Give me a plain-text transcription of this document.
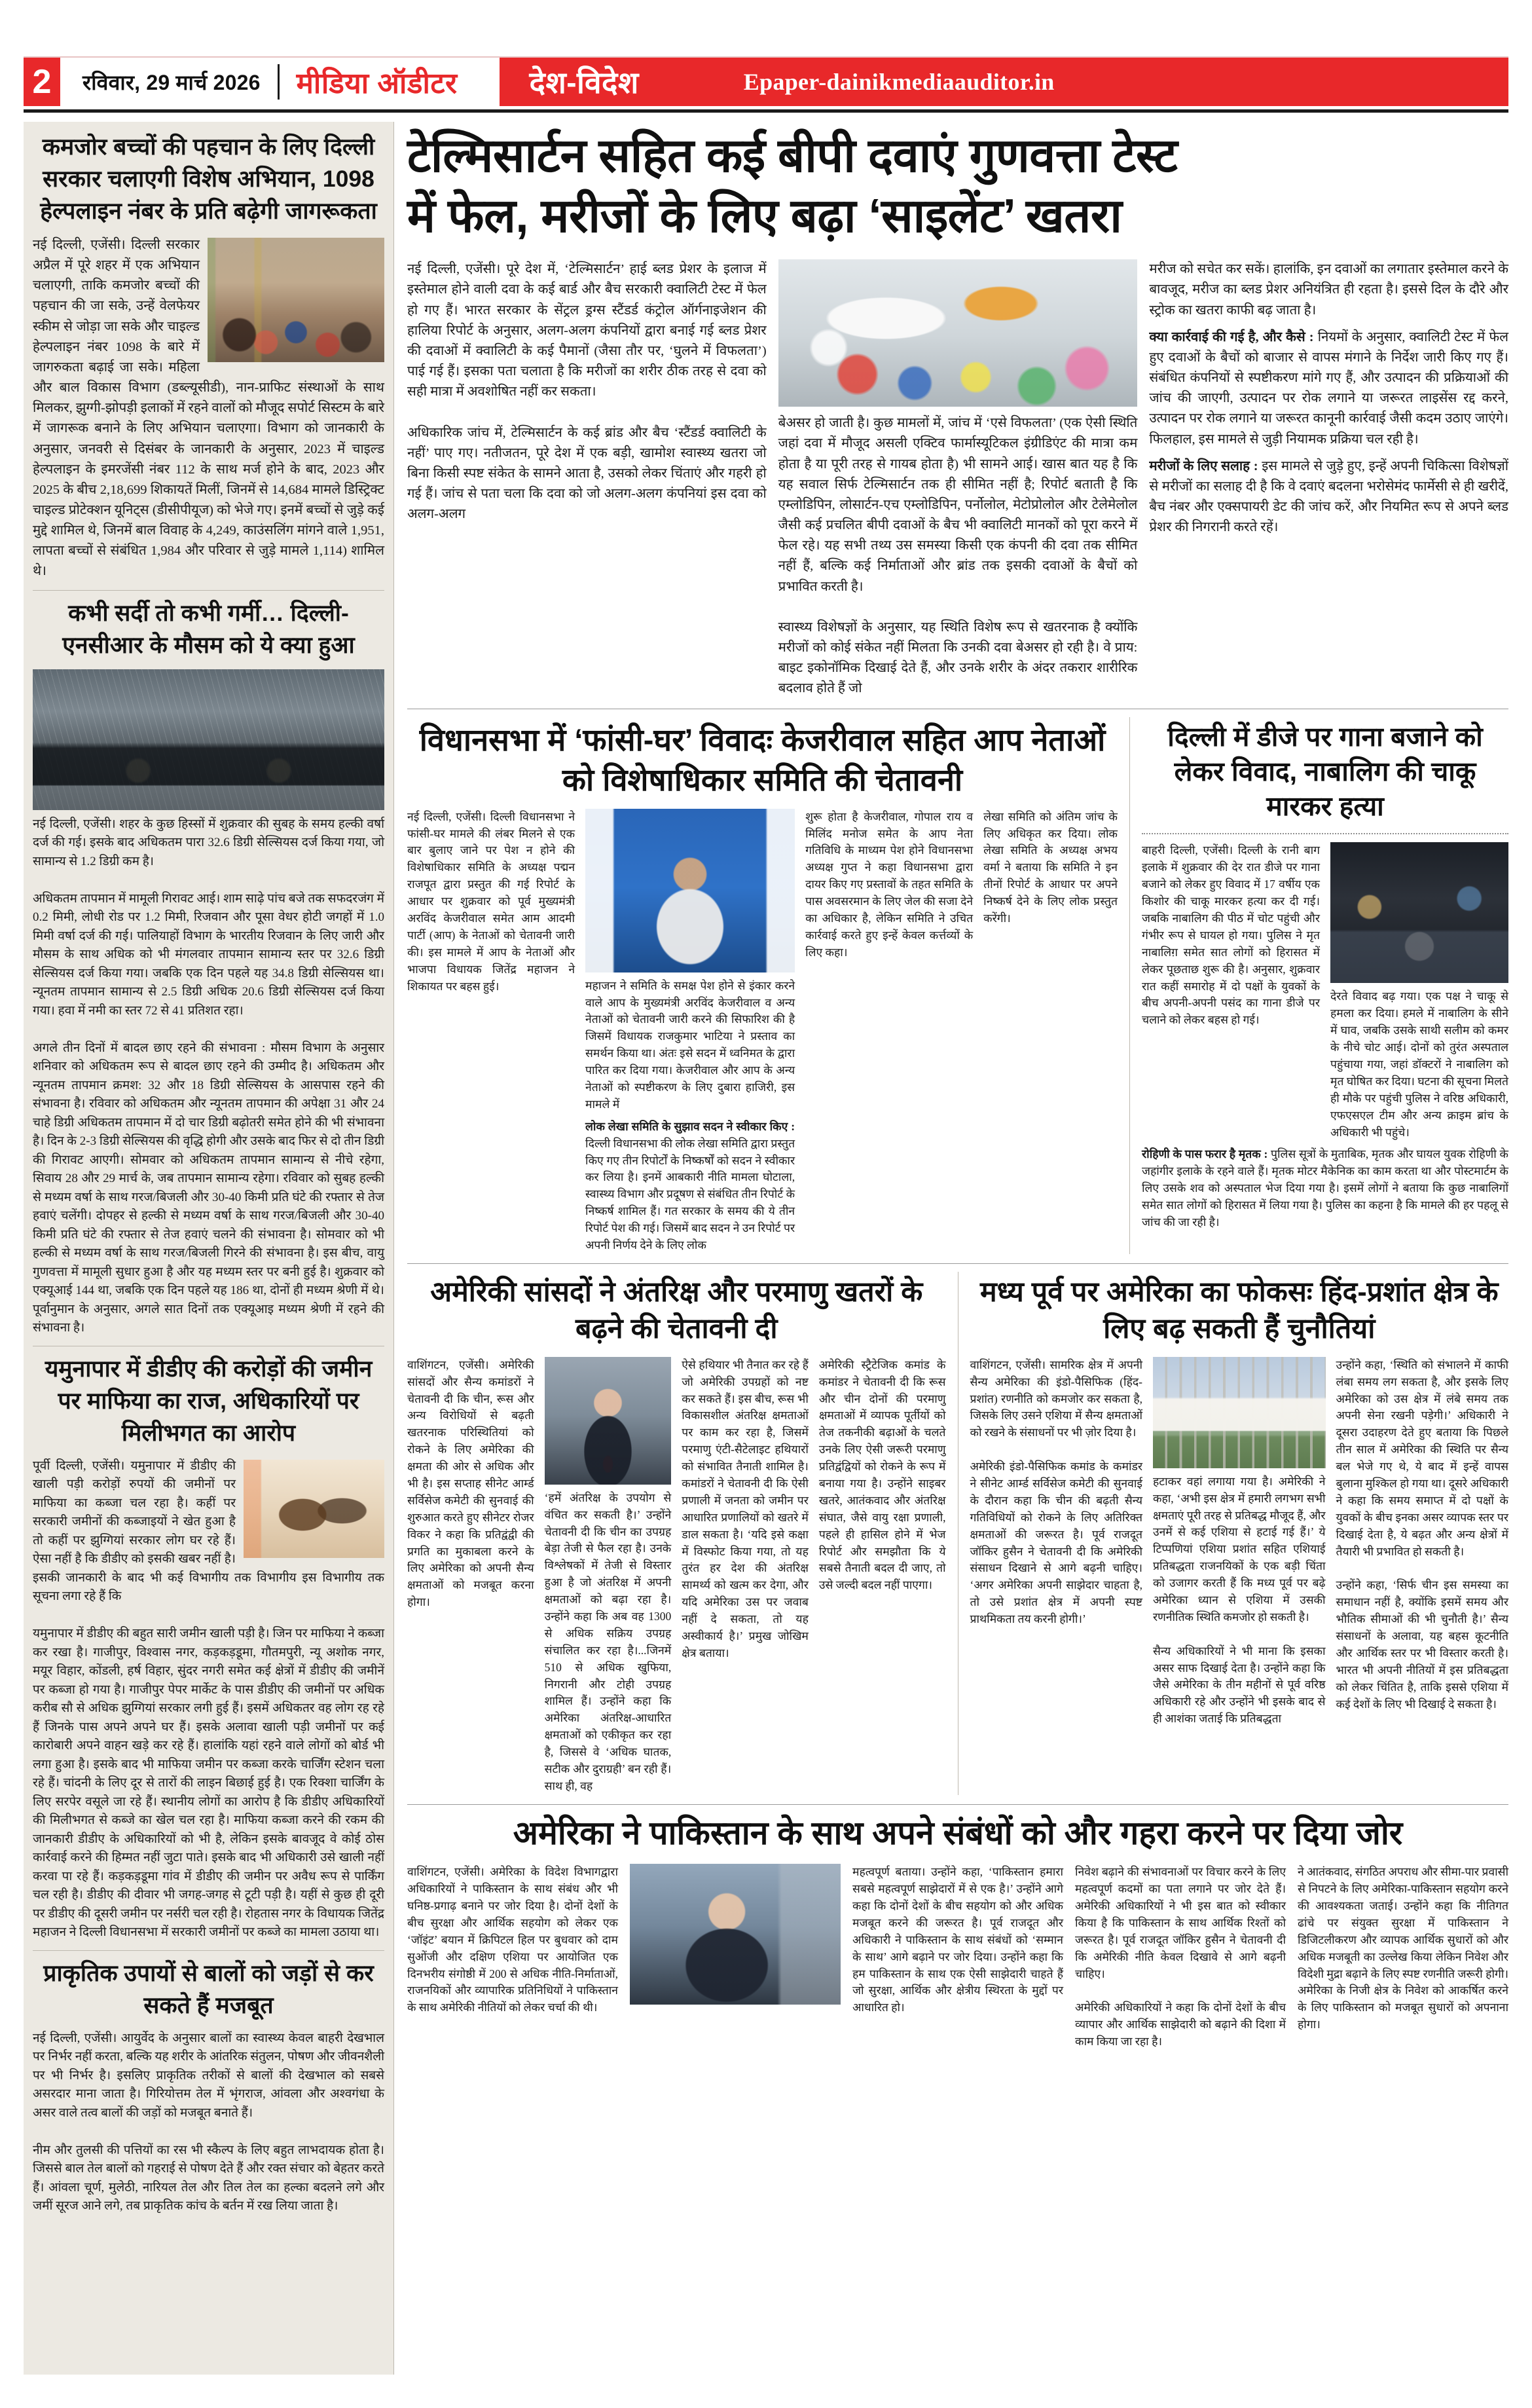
2	रविवार, 29 मार्च 2026 मीडिया ऑडीटर	देश-विदेश	Epaper-dainikmediaauditor.in
कमजोर बच्चों की पहचान के लिए दिल्ली सरकार चलाएगी विशेष अभियान, 1098 हेल्पलाइन नंबर के प्रति बढ़ेगी जागरूकता
नई दिल्ली, एजेंसी। दिल्ली सरकार अप्रैल में पूरे शहर में एक अभियान चलाएगी, ताकि कमजोर बच्चों की पहचान की जा सके, उन्हें वेलफेयर स्कीम से जोड़ा जा सके और चाइल्ड हेल्पलाइन नंबर 1098 के बारे में जागरुकता बढ़ाई जा सके। महिला और बाल विकास विभाग (डब्ल्यूसीडी), नान-प्राफिट संस्थाओं के साथ मिलकर, झुग्गी-झोपड़ी इलाकों में रहने वालों को मौजूद सपोर्ट सिस्टम के बारे में जागरूक बनाने के लिए अभियान चलाएगा। विभाग को जानकारी के अनुसार, जनवरी से दिसंबर के जानकारी के अनुसार, 2023 में चाइल्ड हेल्पलाइन के इमरजेंसी नंबर 112 के साथ मर्ज होने के बाद, 2023 और 2025 के बीच 2,18,699 शिकायतें मिलीं, जिनमें से 14,684 मामले डिस्ट्रिक्ट चाइल्ड प्रोटेक्शन यूनिट्स (डीसीपीयूज) को भेजे गए। इनमें बच्चों से जुड़े कई मुद्दे शामिल थे, जिनमें बाल विवाह के 4,249, काउंसलिंग मांगने वाले 1,951, लापता बच्चों से संबंधित 1,984 और परिवार से जुड़े मामले 1,114) शामिल थे।
कभी सर्दी तो कभी गर्मी… दिल्ली-एनसीआर के मौसम को ये क्या हुआ
नई दिल्ली, एजेंसी। शहर के कुछ हिस्सों में शुक्रवार की सुबह के समय हल्की वर्षा दर्ज की गई। इसके बाद अधिकतम पारा 32.6 डिग्री सेल्सियस दर्ज किया गया, जो सामान्य से 1.2 डिग्री कम है।

अधिकतम तापमान में मामूली गिरावट आई। शाम साढ़े पांच बजे तक सफदरजंग में 0.2 मिमी, लोधी रोड पर 1.2 मिमी, रिजवान और पूसा वेधर होटी जगहों में 1.0 मिमी वर्षा दर्ज की गई। पालियाहों विभाग के भारतीय रिजवान के लिए जारी और मौसम के साथ अधिक को भी मंगलवार तापमान सामान्य स्तर पर 32.6 डिग्री सेल्सियस दर्ज किया गया। जबकि एक दिन पहले यह 34.8 डिग्री सेल्सियस था। न्यूनतम तापमान सामान्य से 2.5 डिग्री अधिक 20.6 डिग्री सेल्सियस दर्ज किया गया। हवा में नमी का स्तर 72 से 41 प्रतिशत रहा।

अगले तीन दिनों में बादल छाए रहने की संभावना : मौसम विभाग के अनुसार शनिवार को अधिकतम रूप से बादल छाए रहने की उम्मीद है। अधिकतम और न्यूनतम तापमान क्रमश: 32 और 18 डिग्री सेल्सियस के आसपास रहने की संभावना है। रविवार को अधिकतम और न्यूनतम तापमान की अपेक्षा 31 और 24 चाहे डिग्री अधिकतम तापमान में दो चार डिग्री बढ़ोतरी समेत होने की भी संभावना है। दिन के 2-3 डिग्री सेल्सियस की वृद्धि होगी और उसके बाद फिर से दो तीन डिग्री की गिरावट आएगी। सोमवार को अधिकतम तापमान सामान्य से नीचे रहेगा, सिवाय 28 और 29 मार्च के, जब तापमान सामान्य रहेगा। रविवार को सुबह हल्की से मध्यम वर्षा के साथ गरज/बिजली और 30-40 किमी प्रति घंटे की रफ्तार से तेज हवाएं चलेंगी। दोपहर से हल्की से मध्यम वर्षा के साथ गरज/बिजली और 30-40 किमी प्रति घंटे की रफ्तार से तेज हवाएं चलने की संभावना है। सोमवार को भी हल्की से मध्यम वर्षा के साथ गरज/बिजली गिरने की संभावना है। इस बीच, वायु गुणवत्ता में मामूली सुधार हुआ है और यह मध्यम स्तर पर बनी हुई है। शुक्रवार को एक्यूआई 144 था, जबकि एक दिन पहले यह 186 था, दोनों ही मध्यम श्रेणी में थे। पूर्वानुमान के अनुसार, अगले सात दिनों तक एक्यूआइ मध्यम श्रेणी में रहने की संभावना है।
यमुनापार में डीडीए की करोड़ों की जमीन पर माफिया का राज, अधिकारियों पर मिलीभगत का आरोप
पूर्वी दिल्ली, एजेंसी। यमुनापार में डीडीए की खाली पड़ी करोड़ों रुपयों की जमीनों पर माफिया का कब्जा चल रहा है। कहीं पर सरकारी जमीनों की कब्जाइयों ने खेत हुआ है तो कहीं पर झुग्गियां सरकार लोग घर रहे हैं। ऐसा नहीं है कि डीडीए को इसकी खबर नहीं है। इसकी जानकारी के बाद भी कई विभागीय तक विभागीय इस विभागीय तक सूचना लगा रहे हैं कि

यमुनापार में डीडीए की बहुत सारी जमीन खाली पड़ी है। जिन पर माफिया ने कब्जा कर रखा है। गाजीपुर, विश्वास नगर, कड़कड़डूमा, गौतमपुरी, न्यू अशोक नगर, मयूर विहार, कोंडली, हर्ष विहार, सुंदर नगरी समेत कई क्षेत्रों में डीडीए की जमीनें पर कब्जा हो गया है। गाजीपुर पेपर मार्केट के पास डीडीए की जमीनों पर अधिक करीब सौ से अधिक झुग्गियां सरकार लगी हुई हैं। इसमें अधिकतर वह लोग रह रहे हैं जिनके पास अपने अपने घर हैं। इसके अलावा खाली पड़ी जमीनों पर कई कारोबारी अपने वाहन खड़े कर रहे हैं। हालांकि यहां रहने वाले लोगों को बोर्ड भी लगा हुआ है। इसके बाद भी माफिया जमीन पर कब्जा करके चार्जिंग स्टेशन चला रहे हैं। चांदनी के लिए दूर से तारों की लाइन बिछाई हुई है। एक रिक्शा चार्जिंग के लिए सरपेर वसूले जा रहे हैं। स्थानीय लोगों का आरोप है कि डीडीए अधिकारियों की मिलीभगत से कब्जे का खेल चल रहा है। माफिया कब्जा करने की रकम की जानकारी डीडीए के अधिकारियों को भी है, लेकिन इसके बावजूद वे कोई ठोस कार्रवाई करने की हिम्मत नहीं जुटा पाते। इसके बाद भी अधिकारी उसे खाली नहीं करवा पा रहे हैं। कड़कड़डूमा गांव में डीडीए की जमीन पर अवैध रूप से पार्किंग चल रही है। डीडीए की दीवार भी जगह-जगह से टूटी पड़ी है। यहीं से कुछ ही दूरी पर डीडीए की दूसरी जमीन पर नर्सरी चल रही है। रोहतास नगर के विधायक जितेंद्र महाजन ने दिल्ली विधानसभा में सरकारी जमीनों पर कब्जे का मामला उठाया था।
प्राकृतिक उपायों से बालों को जड़ों से कर सकते हैं मजबूत
नई दिल्ली, एजेंसी। आयुर्वेद के अनुसार बालों का स्वास्थ्य केवल बाहरी देखभाल पर निर्भर नहीं करता, बल्कि यह शरीर के आंतरिक संतुलन, पोषण और जीवनशैली पर भी निर्भर है। इसलिए प्राकृतिक तरीकों से बालों की देखभाल को सबसे असरदार माना जाता है। गिरियोत्तम तेल में भृंगराज, आंवला और अश्वगंधा के असर वाले तत्व बालों की जड़ों को मजबूत बनाते हैं।

नीम और तुलसी की पत्तियों का रस भी स्कैल्प के लिए बहुत लाभदायक होता है। जिससे बाल तेल बालों को गहराई से पोषण देते हैं और रक्त संचार को बेहतर करते हैं। आंवला चूर्ण, मुलेठी, नारियल तेल और तिल तेल का हल्का बदलने लगे और जमीं सूरज आने लगे, तब प्राकृतिक कांच के बर्तन में रख लिया जाता है।
टेल्मिसार्टन सहित कई बीपी दवाएं गुणवत्ता टेस्ट
में फेल, मरीजों के लिए बढ़ा ‘साइलेंट’ खतरा
नई दिल्ली, एजेंसी। पूरे देश में, ‘टेल्मिसार्टन’ हाई ब्लड प्रेशर के इलाज में इस्तेमाल होने वाली दवा के कई बार्ड और बैच सरकारी क्वालिटी टेस्ट में फेल हो गए हैं। भारत सरकार के सेंट्रल ड्रग्स स्टैंडर्ड कंट्रोल ऑर्गनाइजेशन की हालिया रिपोर्ट के अनुसार, अलग-अलग कंपनियों द्वारा बनाई गई ब्लड प्रेशर की दवाओं में क्वालिटी के कई पैमानों (जैसा तौर पर, ‘घुलने में विफलता’) पाई गई हैं। इसका पता चलाता है कि मरीजों का शरीर ठीक तरह से दवा को सही मात्रा में अवशोषित नहीं कर सकता।

अधिकारिक जांच में, टेल्मिसार्टन के कई ब्रांड और बैच ‘स्टैंडर्ड क्वालिटी के नहीं’ पाए गए। नतीजतन, पूरे देश में एक बड़ी, खामोश स्वास्थ्य खतरा जो बिना किसी स्पष्ट संकेत के सामने आता है, उसको लेकर चिंताएं और गहरी हो गई हैं। जांच से पता चला कि दवा को जो अलग-अलग कंपनियां इस दवा को अलग-अलग
बेअसर हो जाती है। कुछ मामलों में, जांच में ‘एसे विफलता’ (एक ऐसी स्थिति जहां दवा में मौजूद असली एक्टिव फार्मास्यूटिकल इंग्रीडिएंट की मात्रा कम होता है या पूरी तरह से गायब होता है) भी सामने आई। खास बात यह है कि यह सवाल सिर्फ टेल्मिसार्टन तक ही सीमित नहीं है; रिपोर्ट बताती है कि एम्लोडिपिन, लोसार्टन-एच एम्लोडिपिन, पर्नोलोल, मेटोप्रोलोल और टेलेमेलोल जैसी कई प्रचलित बीपी दवाओं के बैच भी क्वालिटी मानकों को पूरा करने में फेल रहे। यह सभी तथ्य उस समस्या किसी एक कंपनी की दवा तक सीमित नहीं हैं, बल्कि कई निर्माताओं और ब्रांड तक इसकी दवाओं के बैचों को प्रभावित करती है।

स्वास्थ्य विशेषज्ञों के अनुसार, यह स्थिति विशेष रूप से खतरनाक है क्योंकि मरीजों को कोई संकेत नहीं मिलता कि उनकी दवा बेअसर हो रही है। वे प्राय: बाइट इकोनॉमिक दिखाई देते हैं, और उनके शरीर के अंदर तकरार शारीरिक बदलाव होते हैं जो
मरीज को सचेत कर सकें। हालांकि, इन दवाओं का लगातार इस्तेमाल करने के बावजूद, मरीज का ब्लड प्रेशर अनियंत्रित ही रहता है। इससे दिल के दौरे और स्ट्रोक का खतरा काफी बढ़ जाता है।
क्या कार्रवाई की गई है, और कैसे : नियमों के अनुसार, क्वालिटी टेस्ट में फेल हुए दवाओं के बैचों को बाजार से वापस मंगाने के निर्देश जारी किए गए हैं। संबंधित कंपनियों से स्पष्टीकरण मांगे गए हैं, और उत्पादन की प्रक्रियाओं की जांच की जाएगी, उत्पादन पर रोक लगाने या जरूरत लाइसेंस रद्द करने, उत्पादन पर रोक लगाने या जरूरत कानूनी कार्रवाई जैसी कदम उठाए जाएंगे। फिलहाल, इस मामले से जुड़ी नियामक प्रक्रिया चल रही है।
मरीजों के लिए सलाह : इस मामले से जुड़े हुए, इन्हें अपनी चिकित्सा विशेषज्ञों से मरीजों का सलाह दी है कि वे दवाएं बदलना भरोसेमंद फार्मेसी से ही खरीदें, बैच नंबर और एक्सपायरी डेट की जांच करें, और नियमित रूप से अपने ब्लड प्रेशर की निगरानी करते रहें।
विधानसभा में ‘फांसी-घर’ विवादः केजरीवाल सहित आप नेताओं को विशेषाधिकार समिति की चेतावनी
नई दिल्ली, एजेंसी। दिल्ली विधानसभा ने फांसी-घर मामले की लंबर मिलने से एक बार बुलाए जाने पर पेश न होने की विशेषाधिकार समिति के अध्यक्ष पद्मन राजपूत द्वारा प्रस्तुत की गई रिपोर्ट के आधार पर शुक्रवार को पूर्व मुख्यमंत्री अरविंद केजरीवाल समेत आम आदमी पार्टी (आप) के नेताओं को चेतावनी जारी की। इस मामले में आप के नेताओं और भाजपा विधायक जितेंद्र महाजन ने शिकायत पर बहस हुई।	महाजन ने समिति के समक्ष पेश होने से इंकार करने वाले आप के मुख्यमंत्री अरविंद केजरीवाल व अन्य नेताओं को चेतावनी जारी करने की सिफारिश की है जिसमें विधायक राजकुमार भाटिया ने प्रस्ताव का समर्थन किया था। अंतः इसे सदन में ध्वनिमत के द्वारा पारित कर दिया गया। केजरीवाल और आप के अन्य नेताओं को स्पष्टीकरण के लिए दुबारा हाजिरी, इस मामले में
लोक लेखा समिति के सुझाव सदन ने स्वीकार किए : दिल्ली विधानसभा की लोक लेखा समिति द्वारा प्रस्तुत किए गए तीन रिपोर्टों के निष्कर्षों को सदन ने स्वीकार कर लिया है। इनमें आबकारी नीति मामला घोटाला, स्वास्थ्य विभाग और प्रदूषण से संबंधित तीन रिपोर्ट के निष्कर्ष शामिल हैं। गत सरकार के समय की ये तीन रिपोर्ट पेश की गई। जिसमें बाद सदन ने उन रिपोर्ट पर अपनी निर्णय देने के लिए लोक
शुरू होता है केजरीवाल, गोपाल राय व मिलिंद मनोज समेत के आप नेता गतिविधि के माध्यम पेश होने विधानसभा अध्यक्ष गुप्त ने कहा विधानसभा द्वारा दायर किए गए प्रस्तावों के तहत समिति के पास अवसरमान के लिए जेल की सजा देने का अधिकार है, लेकिन समिति ने उचित कार्रवाई करते हुए इन्हें केवल कर्त्तव्यों के लिए कहा।
लेखा समिति को अंतिम जांच के लिए अधिकृत कर दिया। लोक लेखा समिति के अध्यक्ष अभय वर्मा ने बताया कि समिति ने इन तीनों रिपोर्ट के आधार पर अपने निष्कर्ष देने के लिए लोक प्रस्तुत करेंगी।
दिल्ली में डीजे पर गाना बजाने को लेकर विवाद, नाबालिग की चाकू मारकर हत्या
बाहरी दिल्ली, एजेंसी। दिल्ली के रानी बाग इलाके में शुक्रवार की देर रात डीजे पर गाना बजाने को लेकर हुए विवाद में 17 वर्षीय एक किशोर की चाकू मारकर हत्या कर दी गई। जबकि नाबालिग की पीठ में चोट पहुंची और गंभीर रूप से घायल हो गया। पुलिस ने मृत नाबालिग़ समेत सात लोगों को हिरासत में लेकर पूछताछ शुरू की है। अनुसार, शुक्रवार रात कहीं समारोह में दो पक्षों के युवकों के बीच अपनी-अपनी पसंद का गाना डीजे पर चलाने को लेकर बहस हो गई।
देरते विवाद बढ़ गया। एक पक्ष ने चाकू से हमला कर दिया। हमले में नाबालिग के सीने में घाव, जबकि उसके साथी सलीम को कमर के नीचे चोट आई। दोनों को तुरंत अस्पताल पहुंचाया गया, जहां डॉक्टरों ने नाबालिग को मृत घोषित कर दिया। घटना की सूचना मिलते ही मौके पर पहुंची पुलिस ने वरिष्ठ अधिकारी, एफएसएल टीम और अन्य क्राइम ब्रांच के अधिकारी भी पहुंचे।
रोहिणी के पास फरार है मृतक : पुलिस सूत्रों के मुताबिक, मृतक और घायल युवक रोहिणी के जहांगीर इलाके के रहने वाले हैं। मृतक मोटर मैकेनिक का काम करता था और पोस्टमार्टम के लिए उसके शव को अस्पताल भेज दिया गया है। इसमें लोगों ने बताया कि कुछ नाबालिगों समेत सात लोगों को हिरासत में लिया गया है। पुलिस का कहना है कि मामले की हर पहलू से जांच की जा रही है।
अमेरिकी सांसदों ने अंतरिक्ष और परमाणु खतरों के बढ़ने की चेतावनी दी
वाशिंगटन, एजेंसी। अमेरिकी सांसदों और सैन्य कमांडरों ने चेतावनी दी कि चीन, रूस और अन्य विरोधियों से बढ़ती खतरनाक परिस्थितियां को रोकने के लिए अमेरिका की क्षमता की ओर से अधिक और भी है। इस सप्ताह सीनेट आर्म्ड सर्विसेज कमेटी की सुनवाई की शुरुआत करते हुए सीनेटर रोजर विकर ने कहा कि प्रतिद्वंद्वी की प्रगति का मुकाबला करने के लिए अमेरिका को अपनी सैन्य क्षमताओं को मजबूत करना होगा।
‘हमें अंतरिक्ष के उपयोग से वंचित कर सकती है।’ उन्होंने चेतावनी दी कि चीन का उपग्रह बेड़ा तेजी से फैल रहा है। उनके विश्लेषकों में तेजी से विस्तार हुआ है जो अंतरिक्ष में अपनी क्षमताओं को बढ़ा रहा है। उन्होंने कहा कि अब वह 1300 से अधिक सक्रिय उपग्रह संचालित कर रहा है।...जिनमें 510 से अधिक खुफिया, निगरानी और टोही उपग्रह शामिल हैं। उन्होंने कहा कि अमेरिका अंतरिक्ष-आधारित क्षमताओं को एकीकृत कर रहा है, जिससे वे ‘अधिक घातक, सटीक और दुराग्रही’ बन रही हैं। साथ ही, वह
ऐसे हथियार भी तैनात कर रहे हैं जो अमेरिकी उपग्रहों को नष्ट कर सकते हैं। इस बीच, रूस भी विकासशील अंतरिक्ष क्षमताओं पर काम कर रहा है, जिसमें परमाणु एंटी-सैटेलाइट हथियारों को संभावित तैनाती शामिल है। कमांडरों ने चेतावनी दी कि ऐसी प्रणाली में जनता को जमीन पर आधारित प्रणालियों को खतरे में डाल सकता है। ‘यदि इसे कक्षा में विस्फोट किया गया, तो यह तुरंत हर देश की अंतरिक्ष सामर्थ्य को खत्म कर देगा, और यदि अमेरिका उस पर जवाब नहीं दे सकता, तो यह अस्वीकार्य है।’ प्रमुख जोखिम क्षेत्र बताया।
अमेरिकी स्ट्रैटेजिक कमांड के कमांडर ने चेतावनी दी कि रूस और चीन दोनों की परमाणु क्षमताओं में व्यापक पूर्तीयों को तेज तकनीकी बढ़ाओं के चलते उनके लिए ऐसी जरूरी परमाणु प्रतिद्वंद्वियों को रोकने के रूप में बनाया गया है। उन्होंने साइबर खतरे, आतंकवाद और अंतरिक्ष संघात, जैसे वायु रक्षा प्रणाली, पहले ही हासिल होने में भेज रिपोर्ट और समझौता कि ये सबसे तैनाती बदल दी जाए, तो उसे जल्दी बदल नहीं पाएगा।
मध्य पूर्व पर अमेरिका का फोकसः हिंद-प्रशांत क्षेत्र के लिए बढ़ सकती हैं चुनौतियां
वाशिंगटन, एजेंसी। सामरिक क्षेत्र में अपनी सैन्य अमेरिका की इंडो-पैसिफिक (हिंद-प्रशांत) रणनीति को कमजोर कर सकता है, जिसके लिए उसने एशिया में सैन्य क्षमताओं को रखने के संसाधनों पर भी ज़ोर दिया है।

अमेरिकी इंडो-पैसिफिक कमांड के कमांडर ने सीनेट आर्म्ड सर्विसेज कमेटी की सुनवाई के दौरान कहा कि चीन की बढ़ती सैन्य गतिविधियों को रोकने के लिए अतिरिक्त क्षमताओं की जरूरत है। पूर्व राजदूत जॉकिर हुसैन ने चेतावनी दी कि अमेरिकी संसाधन दिखाने से आगे बढ़नी चाहिए। ‘अगर अमेरिका अपनी साझेदार चाहता है, तो उसे प्रशांत क्षेत्र में अपनी स्पष्ट प्राथमिकता तय करनी होगी।’
हटाकर वहां लगाया गया है। अमेरिकी ने कहा, ‘अभी इस क्षेत्र में हमारी लगभग सभी क्षमताएं पूरी तरह से प्रतिबद्ध मौजूद हैं, और उनमें से कई एशिया से हटाई गई हैं।’ ये टिप्पणियां एशिया प्रशांत सहित एशियाई प्रतिबद्धता राजनयिकों के एक बड़ी चिंता को उजागर करती हैं कि मध्य पूर्व पर बढ़े अमेरिका ध्यान से एशिया में उसकी रणनीतिक स्थिति कमजोर हो सकती है।

सैन्य अधिकारियों ने भी माना कि इसका असर साफ दिखाई देता है। उन्होंने कहा कि जैसे अमेरिका के तीन महीनों से पूर्व वरिष्ठ अधिकारी रहे और उन्होंने भी इसके बाद से ही आशंका जताई कि प्रतिबद्धता
उन्होंने कहा, ‘स्थिति को संभालने में काफी लंबा समय लग सकता है, और इसके लिए अमेरिका को उस क्षेत्र में लंबे समय तक अपनी सेना रखनी पड़ेगी।’ अधिकारी ने दूसरा उदाहरण देते हुए बताया कि पिछले तीन साल में अमेरिका की स्थिति पर सैन्य बल भेजे गए थे, ये बाद में इन्हें वापस बुलाना मुश्किल हो गया था। दूसरे अधिकारी ने कहा कि समय समाप्त में दो पक्षों के युवकों के बीच इनका असर व्यापक स्तर पर दिखाई देता है, ये बढ़त और अन्य क्षेत्रों में तैयारी भी प्रभावित हो सकती है।

उन्होंने कहा, ‘सिर्फ चीन इस समस्या का समाधान नहीं है, क्योंकि इसमें समय और भौतिक सीमाओं की भी चुनौती है।’ सैन्य संसाधनों के अलावा, यह बहस कूटनीति और आर्थिक स्तर पर भी विस्तार करती है। भारत भी अपनी नीतियों में इस प्रतिबद्धता को लेकर चिंतित है, ताकि इससे एशिया में कई देशों के लिए भी दिखाई दे सकता है।
अमेरिका ने पाकिस्तान के साथ अपने संबंधों को और गहरा करने पर दिया जोर
वाशिंगटन, एजेंसी। अमेरिका के विदेश विभागद्वारा अधिकारियों ने पाकिस्तान के साथ संबंध और भी घनिष्ठ-प्रगाढ़ बनाने पर जोर दिया है। दोनों देशों के बीच सुरक्षा और आर्थिक सहयोग को लेकर एक ‘जॉइंट’ बयान में क्रिपिटल हिल पर बुधवार को दाम सुओंजी और दक्षिण एशिया पर आयोजित एक दिनभरीय संगोष्ठी में 200 से अधिक नीति-निर्माताओं, राजनयिकों और व्यापारिक प्रतिनिधियों ने पाकिस्तान के साथ अमेरिकी नीतियों को लेकर चर्चा की थी।
महत्वपूर्ण बताया। उन्होंने कहा, ‘पाकिस्तान हमारा सबसे महत्वपूर्ण साझेदारों में से एक है।’ उन्होंने आगे कहा कि दोनों देशों के बीच सहयोग को और अधिक मजबूत करने की जरूरत है। पूर्व राजदूत और अधिकारी ने पाकिस्तान के साथ संबंधों को ‘सम्मान के साथ’ आगे बढ़ाने पर जोर दिया। उन्होंने कहा कि हम पाकिस्तान के साथ एक ऐसी साझेदारी चाहते हैं जो सुरक्षा, आर्थिक और क्षेत्रीय स्थिरता के मुद्दों पर आधारित हो।
निवेश बढ़ाने की संभावनाओं पर विचार करने के लिए महत्वपूर्ण कदमों का पता लगाने पर जोर देते हैं। अमेरिकी अधिकारियों ने भी इस बात को स्वीकार किया है कि पाकिस्तान के साथ आर्थिक रिश्तों को जरूरत है। पूर्व राजदूत जॉकिर हुसैन ने चेतावनी दी कि अमेरिकी नीति केवल दिखावे से आगे बढ़नी चाहिए।

अमेरिकी अधिकारियों ने कहा कि दोनों देशों के बीच व्यापार और आर्थिक साझेदारी को बढ़ाने की दिशा में काम किया जा रहा है।
ने आतंकवाद, संगठित अपराध और सीमा-पार प्रवासी से निपटने के लिए अमेरिका-पाकिस्तान सहयोग करने की आवश्यकता जताई। उन्होंने कहा कि नीतिगत ढांचे पर संयुक्त सुरक्षा में पाकिस्तान ने डिजिटलीकरण और व्यापक आर्थिक सुधारों को और अधिक मजबूती का उल्लेख किया लेकिन निवेश और विदेशी मुद्रा बढ़ाने के लिए स्पष्ट रणनीति जरूरी होगी। अमेरिका के निजी क्षेत्र के निवेश को आकर्षित करने के लिए पाकिस्तान को मजबूत सुधारों को अपनाना होगा।
